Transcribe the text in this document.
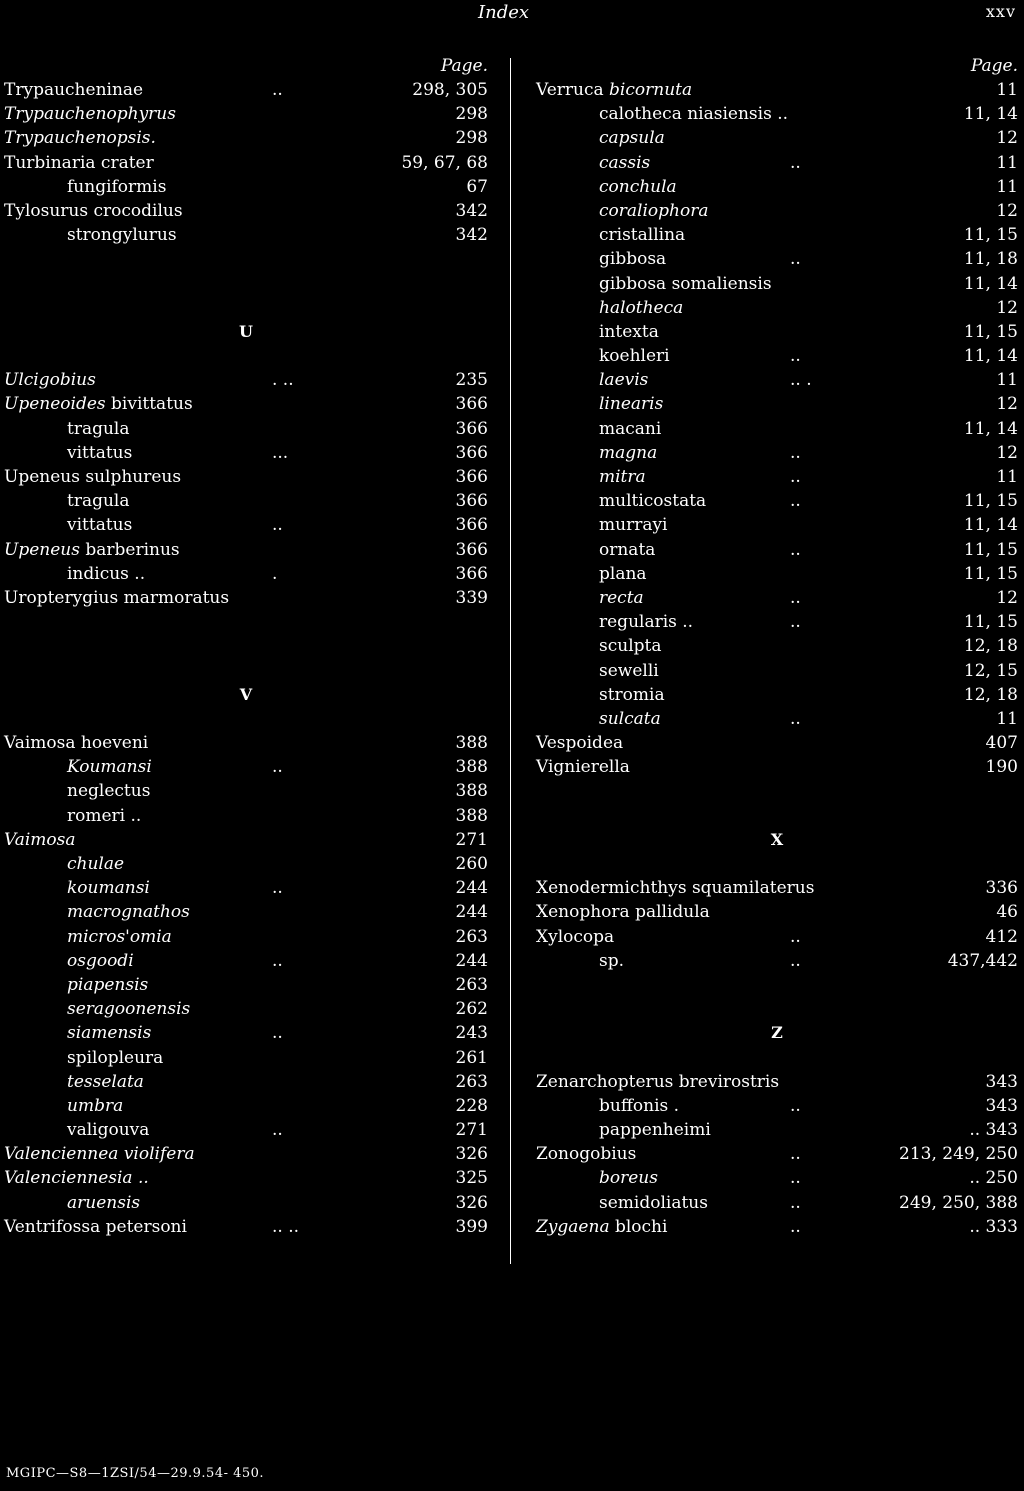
Index	xxv
Page.
Trypaucheninae	..	298, 305
Trypauchenophyrus	298
Trypauchenopsis.	298
Turbinaria crater	59, 67, 68
fungiformis	67
Tylosurus crocodilus	342
strongylurus	342
U
Ulcigobius	. ..	235
Upeneoides bivittatus	366
tragula	366
vittatus	...	366
Upeneus sulphureus	366
tragula	366
vittatus	..	366
Upeneus barberinus	366
indicus ..	.	366
Uropterygius marmoratus	339
V
Vaimosa hoeveni	388
Koumansi	..	388
neglectus	388
romeri ..	388
Vaimosa	271
chulae	260
koumansi	..	244
macrognathos	244
micros'omia	263
osgoodi	..	244
piapensis	263
seragoonensis	262
siamensis	..	243
spilopleura	261
tesselata	263
umbra	228
valigouva	..	271
Valenciennea violifera	326
Valenciennesia ..	325
aruensis	326
Ventrifossa petersoni	.. ..	399
Page.
Verruca bicornuta	11
calotheca niasiensis ..	11, 14
capsula	12
cassis	..	11
conchula	11
coraliophora	12
cristallina	11, 15
gibbosa	..	11, 18
gibbosa somaliensis	11, 14
halotheca	12
intexta	11, 15
koehleri	..	11, 14
laevis	.. .	11
linearis	12
macani	11, 14
magna	..	12
mitra	..	11
multicostata	..	11, 15
murrayi	11, 14
ornata	..	11, 15
plana	11, 15
recta	..	12
regularis ..	..	11, 15
sculpta	12, 18
sewelli	12, 15
stromia	12, 18
sulcata	..	11
Vespoidea	407
Vignierella	190
X
Xenodermichthys squamilaterus	336
Xenophora pallidula	46
Xylocopa	..	412
sp.	..	437,442
Z
Zenarchopterus brevirostris	343
buffonis .	..	343
pappenheimi	.. 343
Zonogobius	..	213, 249, 250
boreus	..	.. 250
semidoliatus	..	249, 250, 388
Zygaena blochi	..	.. 333
MGIPC—S8—1ZSI/54—29.9.54- 450.
